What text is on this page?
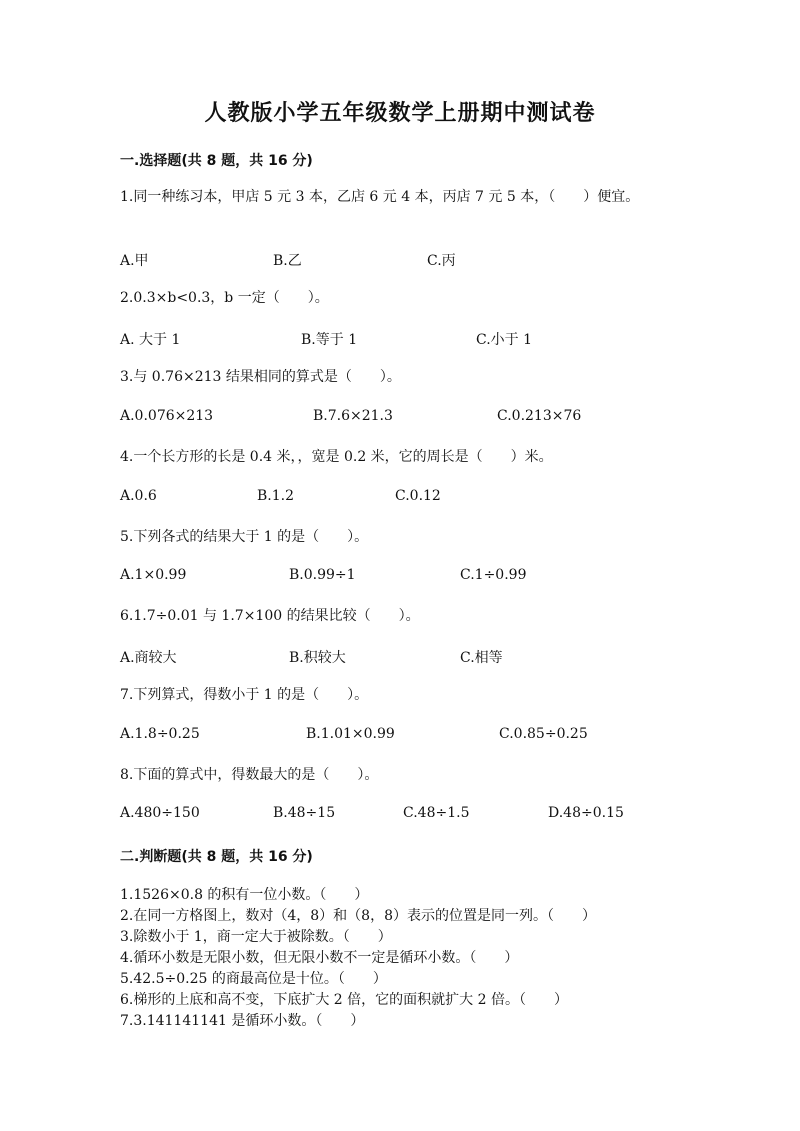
人教版小学五年级数学上册期中测试卷
一.选择题(共 8 题，共 16 分)
1.同一种练习本，甲店 5 元 3 本，乙店 6 元 4 本，丙店 7 元 5 本，（　　）便宜。
A.甲	B.乙	C.丙
2.0.3×b<0.3，b 一定（　　）。
A. 大于 1	B.等于 1	C.小于 1
3.与 0.76×213 结果相同的算式是（　　）。
A.0.076×213	B.7.6×21.3	C.0.213×76
4.一个长方形的长是 0.4 米，，宽是 0.2 米，它的周长是（　　）米。
A.0.6	B.1.2	C.0.12
5.下列各式的结果大于 1 的是（　　）。
A.1×0.99	B.0.99÷1	C.1÷0.99
6.1.7÷0.01 与 1.7×100 的结果比较（　　）。
A.商较大	B.积较大	C.相等
7.下列算式，得数小于 1 的是（　　）。
A.1.8÷0.25	B.1.01×0.99	C.0.85÷0.25
8.下面的算式中，得数最大的是（　　）。
A.480÷150	B.48÷15	C.48÷1.5	D.48÷0.15
二.判断题(共 8 题，共 16 分)
1.1526×0.8 的积有一位小数。（　　）
2.在同一方格图上，数对（4，8）和（8，8）表示的位置是同一列。（　　）
3.除数小于 1，商一定大于被除数。（　　）
4.循环小数是无限小数，但无限小数不一定是循环小数。（　　）
5.42.5÷0.25 的商最高位是十位。（　　）
6.梯形的上底和高不变，下底扩大 2 倍，它的面积就扩大 2 倍。（　　）
7.3.141141141 是循环小数。（　　）
